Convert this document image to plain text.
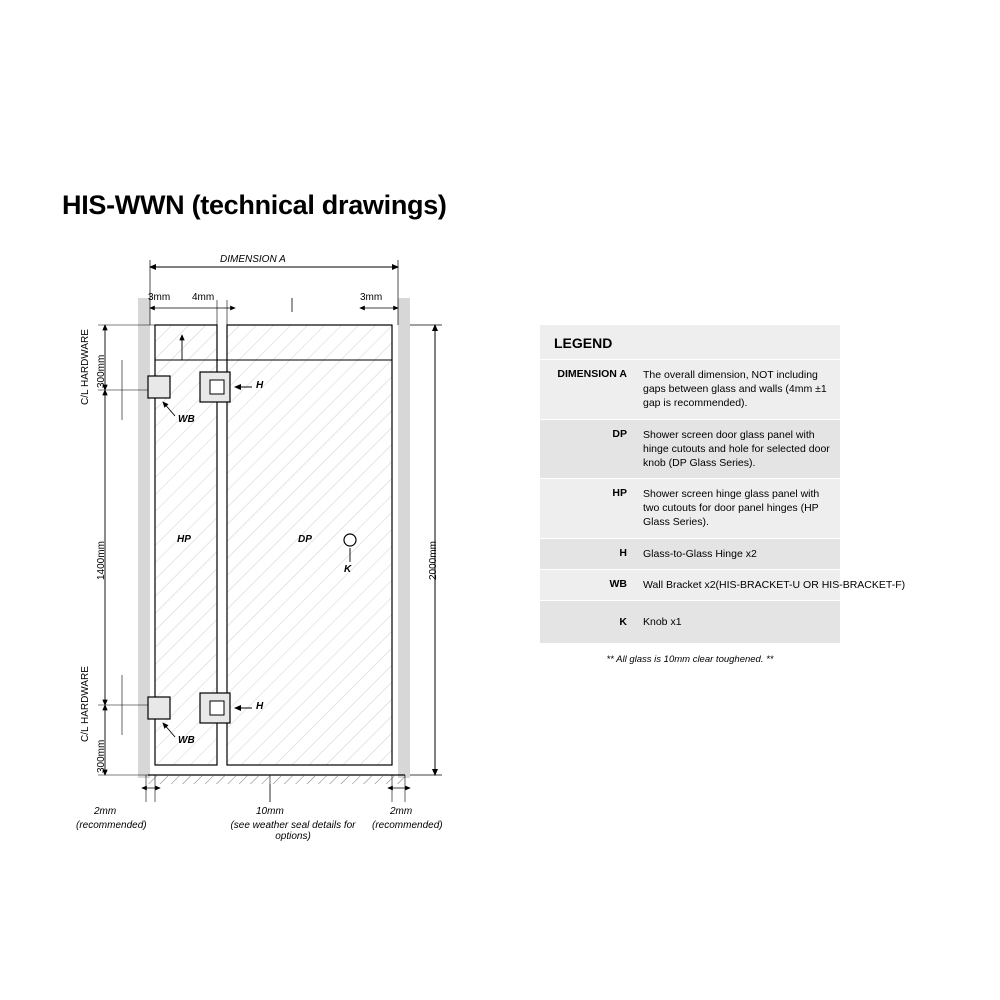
HIS-WWN (technical drawings)
DIMENSION A
3mm 4mm	3mm
C/L HARDWARE 300mm
1400mm
C/L HARDWARE
300mm
2000mm
HP	DP
H
H
WB
WB
K
2mm
(recommended)
10mm
(see weather seal details for options)
2mm
(recommended)
LEGEND
DIMENSION A	The overall dimension, NOT including gaps between glass and walls (4mm ±1 gap is recommended).
DP	Shower screen door glass panel with hinge cutouts and hole for selected door knob (DP Glass Series).
HP	Shower screen hinge glass panel with two cutouts for door panel hinges (HP Glass Series).
H	Glass-to-Glass Hinge x2
WB	Wall Bracket x2(HIS-BRACKET-U OR HIS-BRACKET-F)
K	Knob x1
** All glass is 10mm clear toughened. **
